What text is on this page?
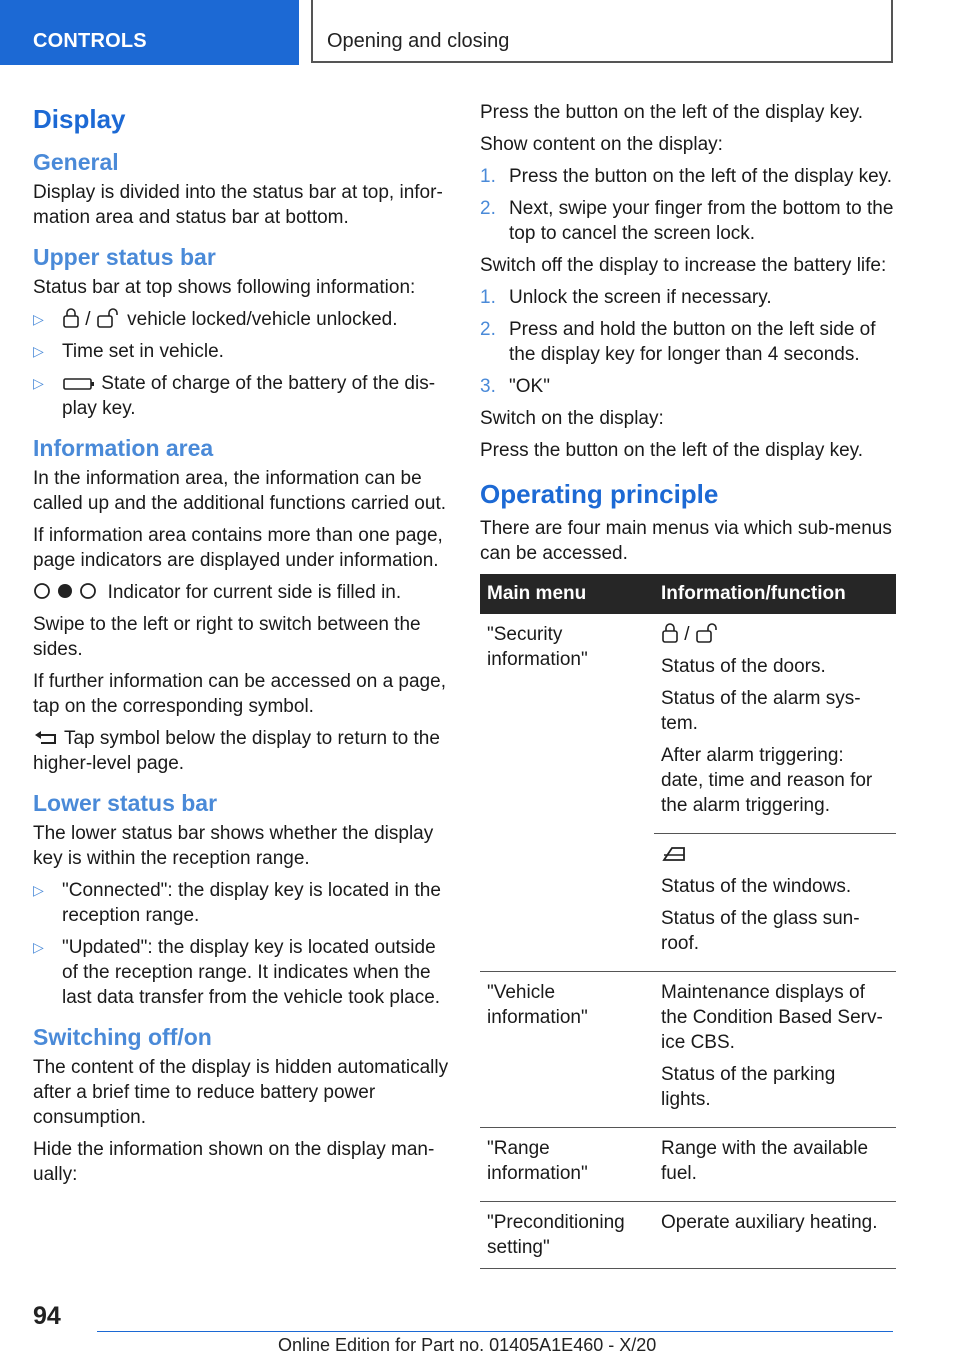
CONTROLS	Opening and closing
Display
General

Display is divided into the status bar at top, information area and status bar at bottom.

Upper status bar

Status bar at top shows following information:

▷ / vehicle locked/vehicle unlocked.
▷ Time set in vehicle.
▷	State of charge of the battery of the display key.
Information area

In the information area, the information can be called up and the additional functions carried out.

If information area contains more than one page, page indicators are displayed under information.

Indicator for current side is filled in.

Swipe to the left or right to switch between the sides.

If further information can be accessed on a page, tap on the corresponding symbol.

Tap symbol below the display to return to the higher-level page.

Lower status bar

The lower status bar shows whether the display key is within the reception range.

▷ "Connected": the display key is located in the reception range.
▷ "Updated": the display key is located outside of the reception range. It indicates when the last data transfer from the vehicle took place.
Switching off/on

The content of the display is hidden automatically after a brief time to reduce battery power consumption.

Hide the information shown on the display manually:

Press the button on the left of the display key.

Show content on the display:

1. Press the button on the left of the display key.
2. Next, swipe your finger from the bottom to the top to cancel the screen lock.

Switch off the display to increase the battery life:

1. Unlock the screen if necessary.
2. Press and hold the button on the left side of the display key for longer than 4 seconds.
3. "OK"

Switch on the display:

Press the button on the left of the display key.

Operating principle

There are four main menus via which sub-menus can be accessed.

Main menu	Information/function
"Security information"	/

Status of the doors.

Status of the alarm system.

After alarm triggering: date, time and reason for the alarm triggering.

	Status of the windows.

Status of the glass sunroof.

"Vehicle information"	Maintenance displays of the Condition Based Service CBS.

Status of the parking lights.

"Range information"	Range with the available fuel.

"Preconditioning setting"	Operate auxiliary heating.

94
Online Edition for Part no. 01405A1E460 - X/20
